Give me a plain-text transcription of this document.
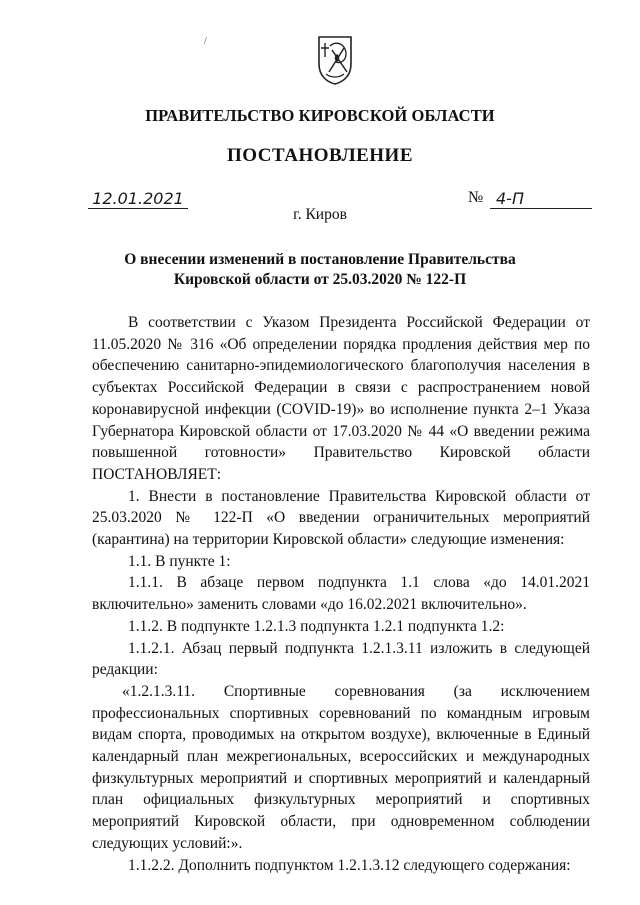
/
ПРАВИТЕЛЬСТВО КИРОВСКОЙ ОБЛАСТИ
ПОСТАНОВЛЕНИЕ
12.01.2021	№ 4-П
г. Киров
О внесении изменений в постановление Правительства
Кировской области от 25.03.2020 № 122-П

В соответствии с Указом Президента Российской Федерации от 11.05.2020 № 316 «Об определении порядка продления действия мер по обеспечению санитарно-эпидемиологического благополучия населения в субъектах Российской Федерации в связи с распространением новой коронавирусной инфекции (COVID-19)» во исполнение пункта 2–1 Указа Губернатора Кировской области от 17.03.2020 № 44 «О введении режима повышенной готовности» Правительство Кировской области ПОСТАНОВЛЯЕТ:

1. Внести в постановление Правительства Кировской области от 25.03.2020 № 122-П «О введении ограничительных мероприятий (карантина) на территории Кировской области» следующие изменения:

1.1. В пункте 1:

1.1.1. В абзаце первом подпункта 1.1 слова «до 14.01.2021 включительно» заменить словами «до 16.02.2021 включительно».

1.1.2. В подпункте 1.2.1.3 подпункта 1.2.1 подпункта 1.2:

1.1.2.1. Абзац первый подпункта 1.2.1.3.11 изложить в следующей редакции:

«1.2.1.3.11. Спортивные соревнования (за исключением профессиональных спортивных соревнований по командным игровым видам спорта, проводимых на открытом воздухе), включенные в Единый календарный план межрегиональных, всероссийских и международных физкультурных мероприятий и спортивных мероприятий и календарный план официальных физкультурных мероприятий и спортивных мероприятий Кировской области, при одновременном соблюдении следующих условий:».

1.1.2.2. Дополнить подпунктом 1.2.1.3.12 следующего содержания:
